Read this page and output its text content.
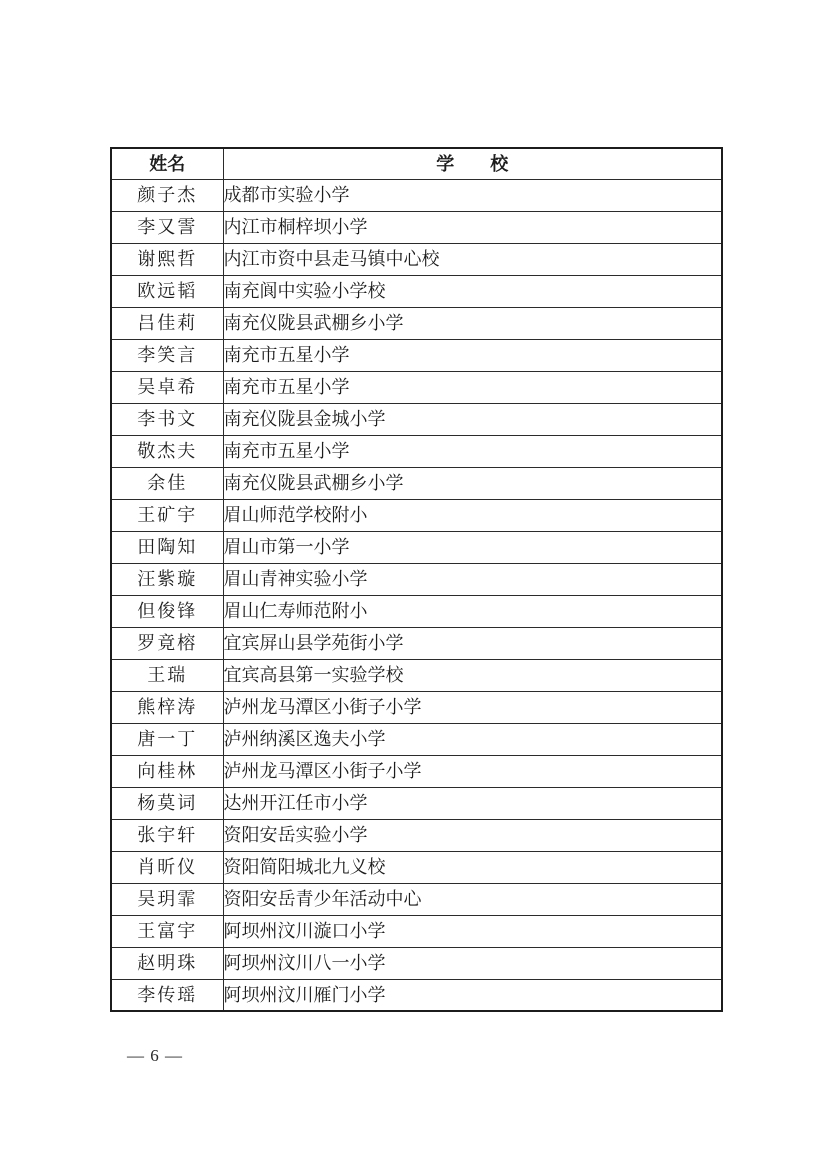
姓名	学　　校
颜子杰	成都市实验小学
李又霅	内江市桐梓坝小学
谢熙哲	内江市资中县走马镇中心校
欧远韬	南充阆中实验小学校
吕佳莉	南充仪陇县武棚乡小学
李笑言	南充市五星小学
吴卓希	南充市五星小学
李书文	南充仪陇县金城小学
敬杰夫	南充市五星小学
余佳	南充仪陇县武棚乡小学
王矿宇	眉山师范学校附小
田陶知	眉山市第一小学
汪紫璇	眉山青神实验小学
但俊锋	眉山仁寿师范附小
罗竟榕	宜宾屏山县学苑街小学
王瑞	宜宾高县第一实验学校
熊梓涛	泸州龙马潭区小街子小学
唐一丁	泸州纳溪区逸夫小学
向桂林	泸州龙马潭区小街子小学
杨莫词	达州开江任市小学
张宇轩	资阳安岳实验小学
肖昕仪	资阳简阳城北九义校
吴玥霏	资阳安岳青少年活动中心
王富宇	阿坝州汶川漩口小学
赵明珠	阿坝州汶川八一小学
李传瑶	阿坝州汶川雁门小学
— 6 —
